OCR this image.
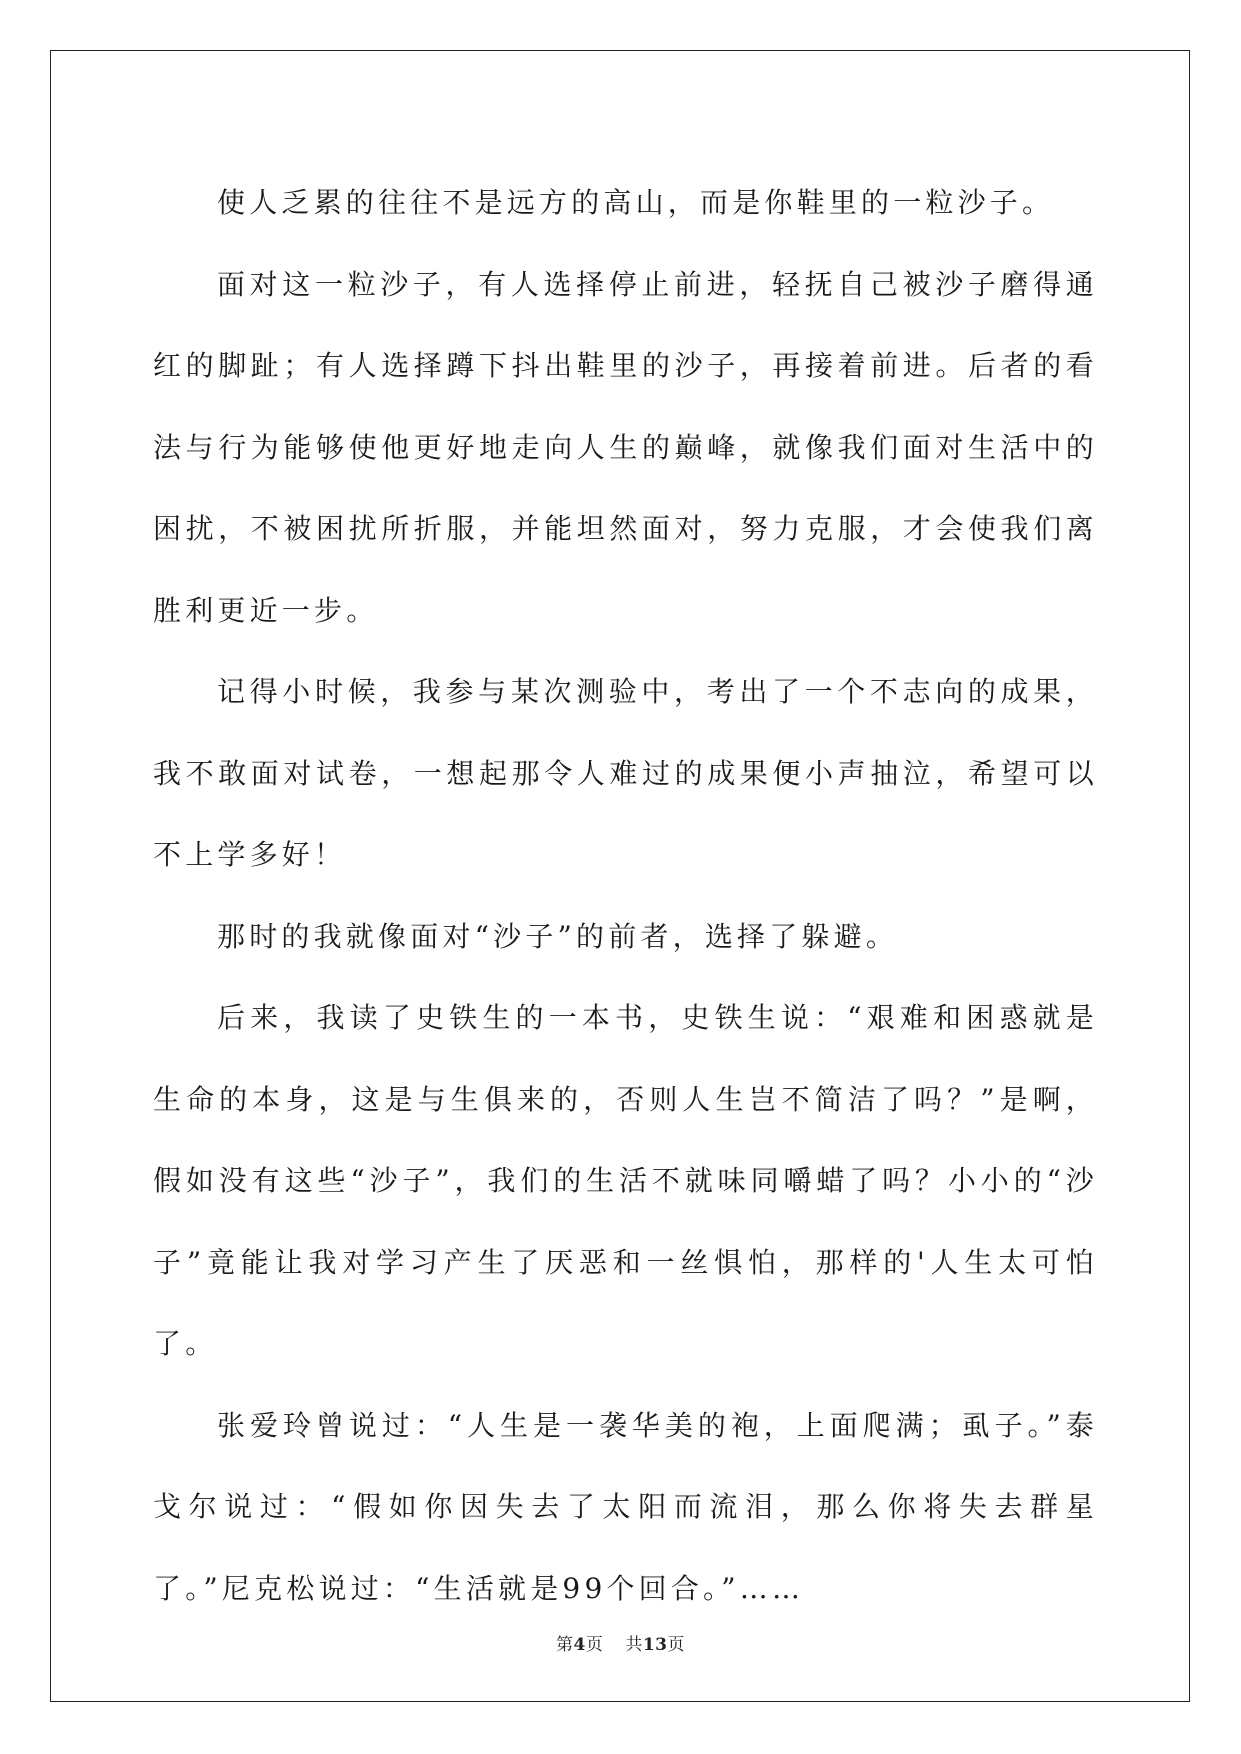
使人乏累的往往不是远方的高山，而是你鞋里的一粒沙子。

面对这一粒沙子，有人选择停止前进，轻抚自己被沙子磨得通红的脚趾；有人选择蹲下抖出鞋里的沙子，再接着前进。后者的看法与行为能够使他更好地走向人生的巅峰，就像我们面对生活中的困扰，不被困扰所折服，并能坦然面对，努力克服，才会使我们离胜利更近一步。

记得小时候，我参与某次测验中，考出了一个不志向的成果，我不敢面对试卷，一想起那令人难过的成果便小声抽泣，希望可以不上学多好！

那时的我就像面对“沙子”的前者，选择了躲避。

后来，我读了史铁生的一本书，史铁生说：“艰难和困惑就是生命的本身，这是与生俱来的，否则人生岂不简洁了吗？”是啊，假如没有这些“沙子”，我们的生活不就味同嚼蜡了吗？小小的“沙子”竟能让我对学习产生了厌恶和一丝惧怕，那样的'人生太可怕了。

张爱玲曾说过：“人生是一袭华美的袍，上面爬满；虱子。”泰戈尔说过：“假如你因失去了太阳而流泪，那么你将失去群星了。”尼克松说过：“生活就是99个回合。”……

第4页 共13页
